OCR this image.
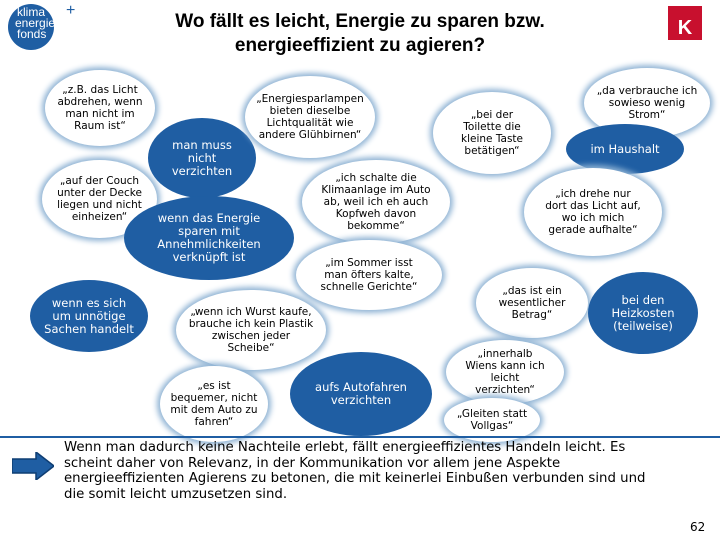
klima
energie
fonds
+
Wo fällt es leicht, Energie zu sparen bzw. energieeffizient zu agieren?
K
„z.B. das Licht abdrehen, wenn man nicht im Raum ist“
„auf der Couch unter der Decke liegen und nicht einheizen“
wenn es sich um unnötige Sachen handelt
man muss nicht verzichten
„Energiesparlampen bieten dieselbe Lichtqualität wie andere Glühbirnen“
wenn das Energie sparen mit Annehmlichkeiten verknüpft ist
„ich schalte die Klimaanlage im Auto ab, weil ich eh auch Kopfweh davon bekomme“
„bei der Toilette die kleine Taste betätigen“
„da verbrauche ich sowieso wenig Strom“
im Haushalt
„ich drehe nur dort das Licht auf, wo ich mich gerade aufhalte“
„im Sommer isst man öfters kalte, schnelle Gerichte“
„wenn ich Wurst kaufe, brauche ich kein Plastik zwischen jeder Scheibe“
„das ist ein wesentlicher Betrag“
bei den Heizkosten (teilweise)
„es ist bequemer, nicht mit dem Auto zu fahren“
aufs Autofahren verzichten
„innerhalb Wiens kann ich leicht verzichten“
„Gleiten statt Vollgas“
Wenn man dadurch keine Nachteile erlebt, fällt energieeffizientes Handeln leicht. Es scheint daher von Relevanz, in der Kommunikation vor allem jene Aspekte energieeffizienten Agierens zu betonen, die mit keinerlei Einbußen verbunden sind und die somit leicht umzusetzen sind.
62
